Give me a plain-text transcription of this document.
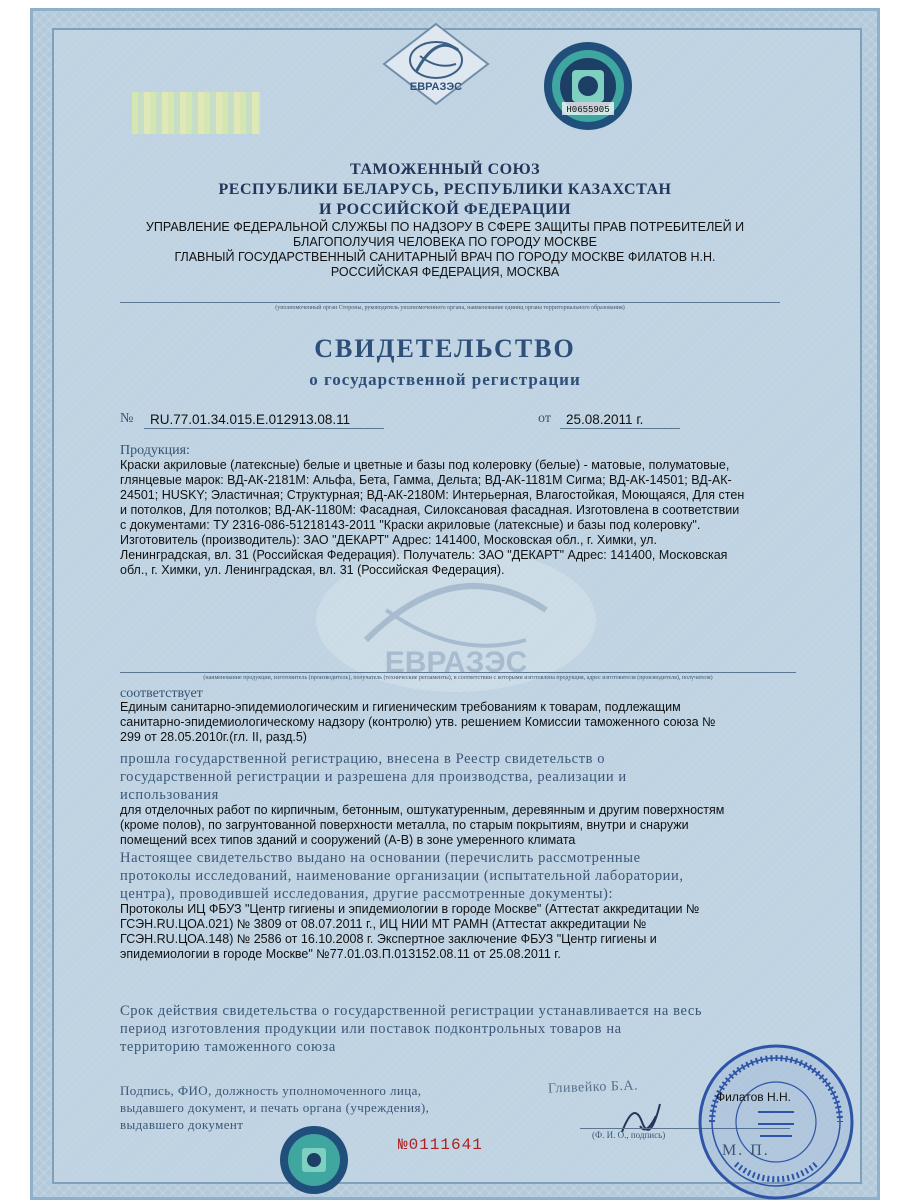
ЕВРАЗЭС
H0655905
ТАМОЖЕННЫЙ СОЮЗ
РЕСПУБЛИКИ БЕЛАРУСЬ, РЕСПУБЛИКИ КАЗАХСТАН
И РОССИЙСКОЙ ФЕДЕРАЦИИ
УПРАВЛЕНИЕ ФЕДЕРАЛЬНОЙ СЛУЖБЫ ПО НАДЗОРУ В СФЕРЕ ЗАЩИТЫ ПРАВ ПОТРЕБИТЕЛЕЙ И
БЛАГОПОЛУЧИЯ ЧЕЛОВЕКА ПО ГОРОДУ МОСКВЕ
ГЛАВНЫЙ ГОСУДАРСТВЕННЫЙ САНИТАРНЫЙ ВРАЧ ПО ГОРОДУ МОСКВЕ ФИЛАТОВ Н.Н.
РОССИЙСКАЯ ФЕДЕРАЦИЯ, МОСКВА
(уполномоченный орган Стороны, руководитель уполномоченного органа, наименование единиц органа территориального образования)
СВИДЕТЕЛЬСТВО
о государственной регистрации
№ RU.77.01.34.015.E.012913.08.11	от 25.08.2011 г.
ЕВРАЗЭС
Продукция:
Краски акриловые (латексные) белые и цветные и базы под колеровку (белые) - матовые, полуматовые,
глянцевые марок: ВД-АК-2181М: Альфа, Бета, Гамма, Дельта; ВД-АК-1181М Сигма; ВД-АК-14501; ВД-АК-
24501; HUSKY; Эластичная; Структурная; ВД-АК-2180М: Интерьерная, Влагостойкая, Моющаяся, Для стен
и потолков, Для потолков; ВД-АК-1180М: Фасадная, Силоксановая фасадная. Изготовлена в соответствии
с документами: ТУ 2316-086-51218143-2011 "Краски акриловые (латексные) и базы под колеровку".
Изготовитель (производитель): ЗАО "ДЕКАРТ" Адрес: 141400, Московская обл., г. Химки, ул.
Ленинградская, вл. 31 (Российская Федерация). Получатель: ЗАО "ДЕКАРТ" Адрес: 141400, Московская
обл., г. Химки, ул. Ленинградская, вл. 31 (Российская Федерация).
(наименование продукции, изготовитель (производитель), получатель (технические регламенты), в соответствии с которыми изготовлена продукция, адрес изготовителя (производителя), получателя)
соответствует
Единым санитарно-эпидемиологическим и гигиеническим требованиям к товарам, подлежащим
санитарно-эпидемиологическому надзору (контролю) утв. решением Комиссии таможенного союза №
299 от 28.05.2010г.(гл. II, разд.5)
прошла государственной регистрацию, внесена в Реестр свидетельств о
государственной регистрации и разрешена для производства, реализации и
использования
для отделочных работ по кирпичным, бетонным, оштукатуренным, деревянным и другим поверхностям
(кроме полов), по загрунтованной поверхности металла, по старым покрытиям, внутри и снаружи
помещений всех типов зданий и сооружений (А-В) в зоне умеренного климата
Настоящее свидетельство выдано на основании (перечислить рассмотренные
протоколы исследований, наименование организации (испытательной лаборатории,
центра), проводившей исследования, другие рассмотренные документы):
Протоколы ИЦ ФБУЗ "Центр гигиены и эпидемиологии в городе Москве" (Аттестат аккредитации №
ГСЭН.RU.ЦОА.021) № 3809 от 08.07.2011 г., ИЦ НИИ МТ РАМН (Аттестат аккредитации №
ГСЭН.RU.ЦОА.148) № 2586 от 16.10.2008 г. Экспертное заключение ФБУЗ "Центр гигиены и
эпидемиологии в городе Москве" №77.01.03.П.013152.08.11 от 25.08.2011 г.
Срок действия свидетельства о государственной регистрации устанавливается на весь
период изготовления продукции или поставок подконтрольных товаров на
территорию таможенного союза
Подпись, ФИО, должность уполномоченного лица,
выдавшего документ, и печать органа (учреждения),
выдавшего документ
Гливейко Б.А.
(Ф. И. О., подпись)
Филатов Н.Н.
М. П.
№0111641
